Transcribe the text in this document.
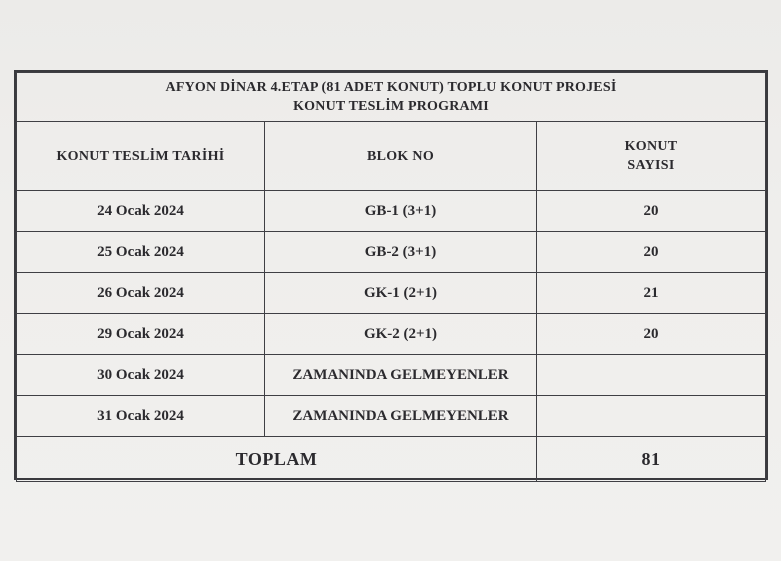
AFYON DİNAR 4.ETAP (81 ADET KONUT) TOPLU KONUT PROJESİ
KONUT TESLİM PROGRAMI		

KONUT TESLİM TARİHİ	BLOK NO	KONUT
SAYISI

24 Ocak 2024	GB-1 (3+1)	20
25 Ocak 2024	GB-2 (3+1)	20
26 Ocak 2024	GK-1 (2+1)	21
29 Ocak 2024	GK-2 (2+1)	20
30 Ocak 2024	ZAMANINDA GELMEYENLER	
31 Ocak 2024	ZAMANINDA GELMEYENLER	
TOPLAM		81
